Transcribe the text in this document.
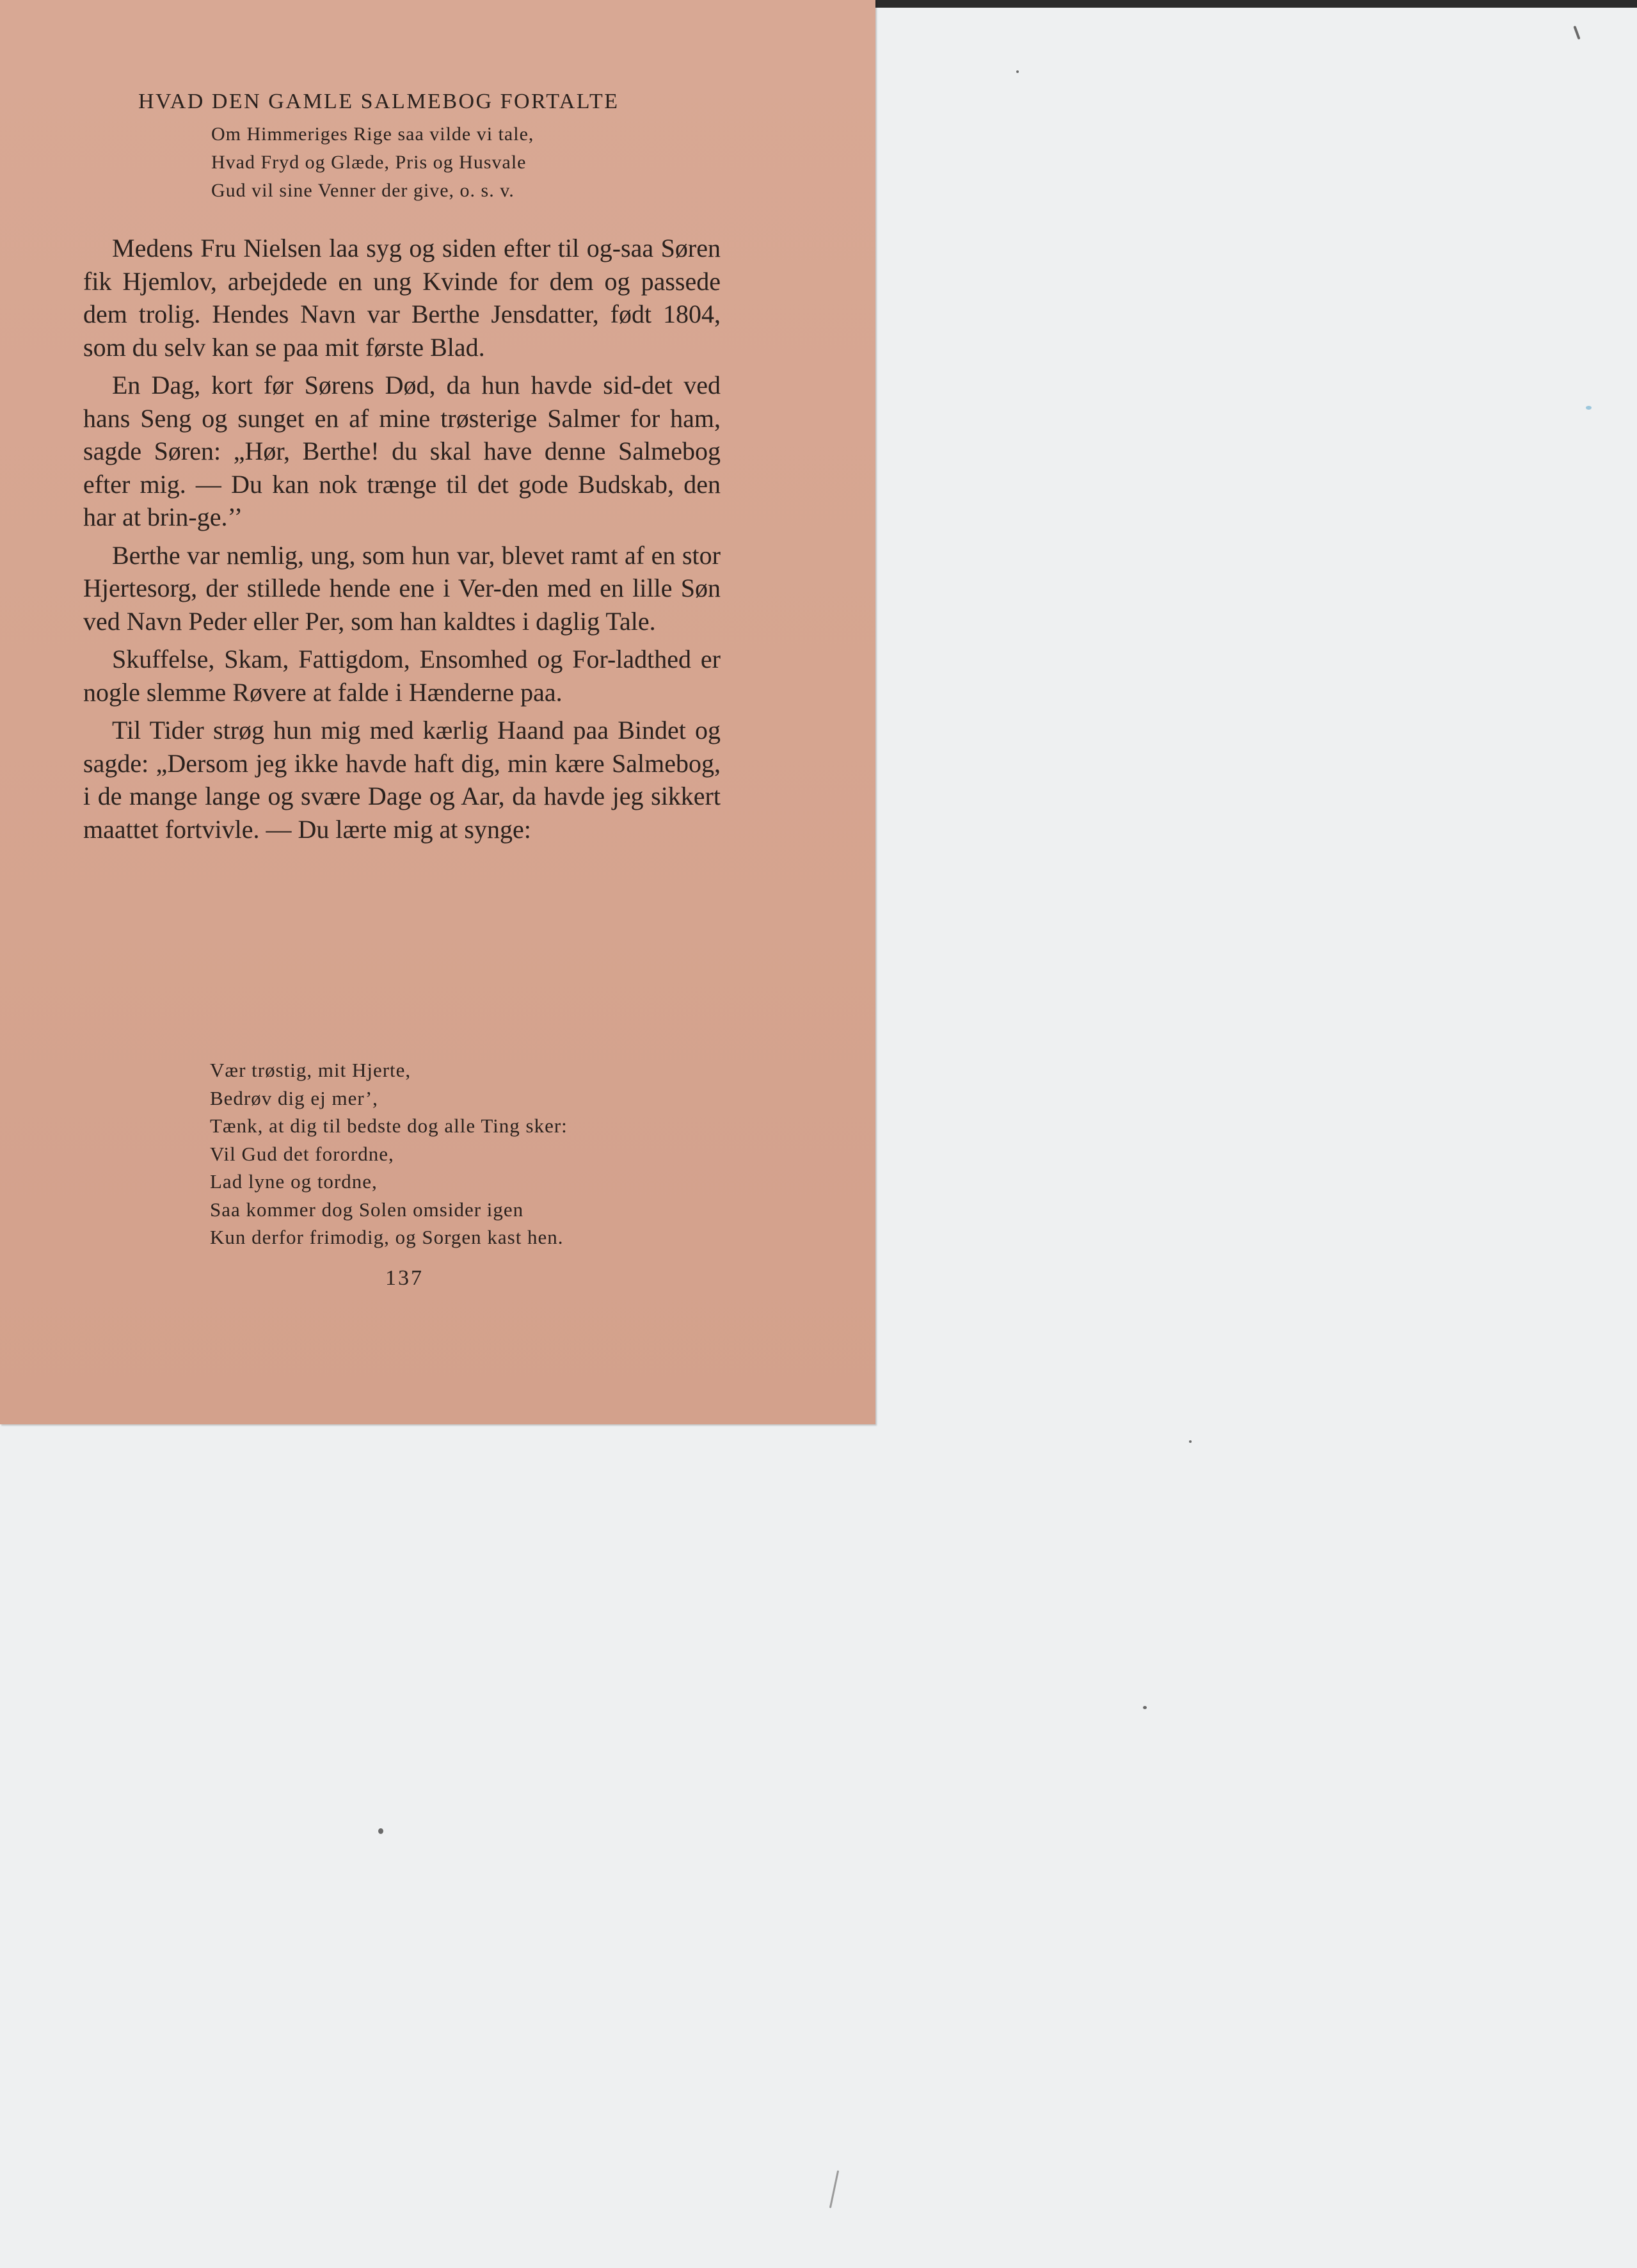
HVAD DEN GAMLE SALMEBOG FORTALTE
Om Himmeriges Rige saa vilde vi tale,
Hvad Fryd og Glæde, Pris og Husvale
Gud vil sine Venner der give, o. s. v.

Medens Fru Nielsen laa syg og siden efter til og-saa Søren fik Hjemlov, arbejdede en ung Kvinde for dem og passede dem trolig. Hendes Navn var Berthe Jensdatter, født 1804, som du selv kan se paa mit første Blad.

En Dag, kort før Sørens Død, da hun havde sid-det ved hans Seng og sunget en af mine trøsterige Salmer for ham, sagde Søren: „Hør, Berthe! du skal have denne Salmebog efter mig. — Du kan nok trænge til det gode Budskab, den har at brin-ge.’’

Berthe var nemlig, ung, som hun var, blevet ramt af en stor Hjertesorg, der stillede hende ene i Ver-den med en lille Søn ved Navn Peder eller Per, som han kaldtes i daglig Tale.

Skuffelse, Skam, Fattigdom, Ensomhed og For-ladthed er nogle slemme Røvere at falde i Hænderne paa.

Til Tider strøg hun mig med kærlig Haand paa Bindet og sagde: „Dersom jeg ikke havde haft dig, min kære Salmebog, i de mange lange og svære Dage og Aar, da havde jeg sikkert maattet fortvivle. — Du lærte mig at synge:

Vær trøstig, mit Hjerte,
Bedrøv dig ej mer’,
Tænk, at dig til bedste dog alle Ting sker:
Vil Gud det forordne,
Lad lyne og tordne,
Saa kommer dog Solen omsider igen
Kun derfor frimodig, og Sorgen kast hen.
137
